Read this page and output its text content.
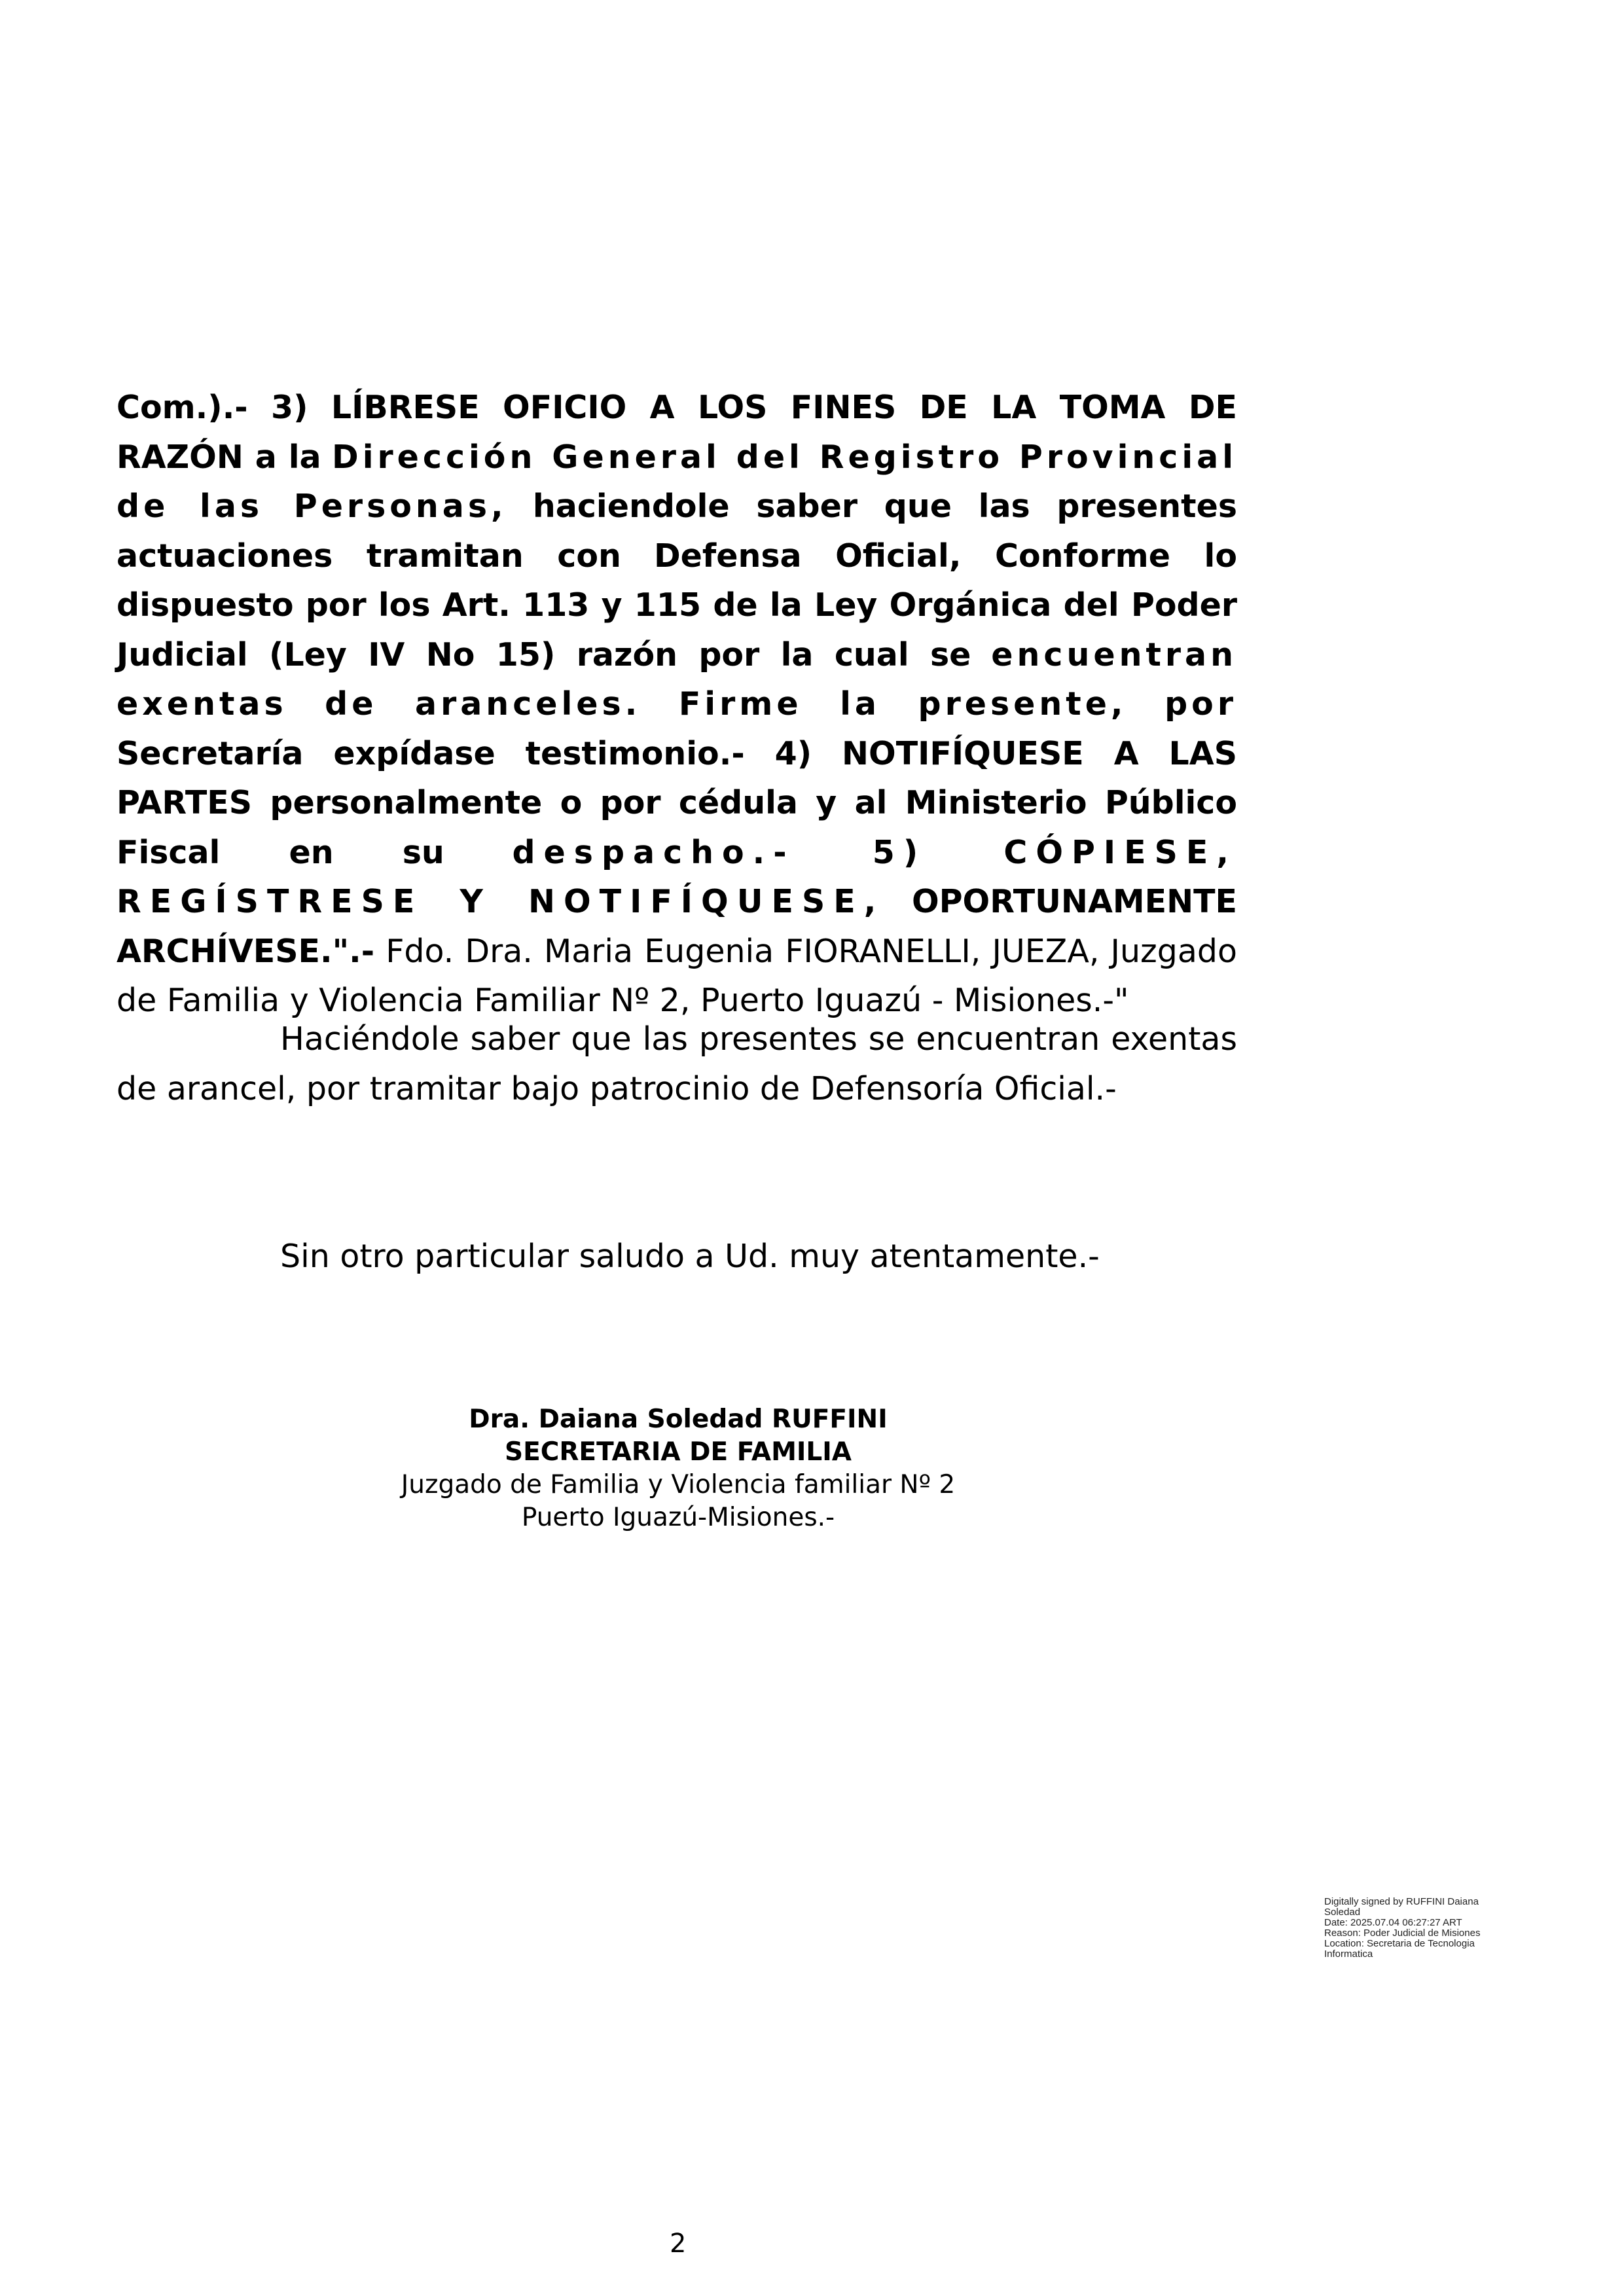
Com.).- 3) LÍBRESE OFICIO A LOS FINES DE LA TOMA DE RAZÓN a la Dirección General del Registro Provincial de las Personas, haciendole saber que las presentes actuaciones tramitan con Defensa Oficial, Conforme lo dispuesto por los Art. 113 y 115 de la Ley Orgánica del Poder Judicial (Ley IV No 15) razón por la cual se encuentran exentas de aranceles. Firme la presente, por Secretaría expídase testimonio.- 4) NOTIFÍQUESE A LAS PARTES personalmente o por cédula y al Ministerio Público Fiscal en su despacho.- 5) CÓPIESE, REGÍSTRESE Y NOTIFÍQUESE, OPORTUNAMENTE ARCHÍVESE.".- Fdo. Dra. Maria Eugenia FIORANELLI, JUEZA, Juzgado de Familia y Violencia Familiar Nº 2, Puerto Iguazú - Misiones.-"

Haciéndole saber que las presentes se encuentran exentas de arancel, por tramitar bajo patrocinio de Defensoría Oficial.-
Sin otro particular saludo a Ud. muy atentamente.-
Dra. Daiana Soledad RUFFINI
SECRETARIA DE FAMILIA
Juzgado de Familia y Violencia familiar Nº 2
Puerto Iguazú-Misiones.-
Digitally signed by RUFFINI Daiana Soledad
Date: 2025.07.04 06:27:27 ART
Reason: Poder Judicial de Misiones
Location: Secretaria de Tecnologia Informatica
2
